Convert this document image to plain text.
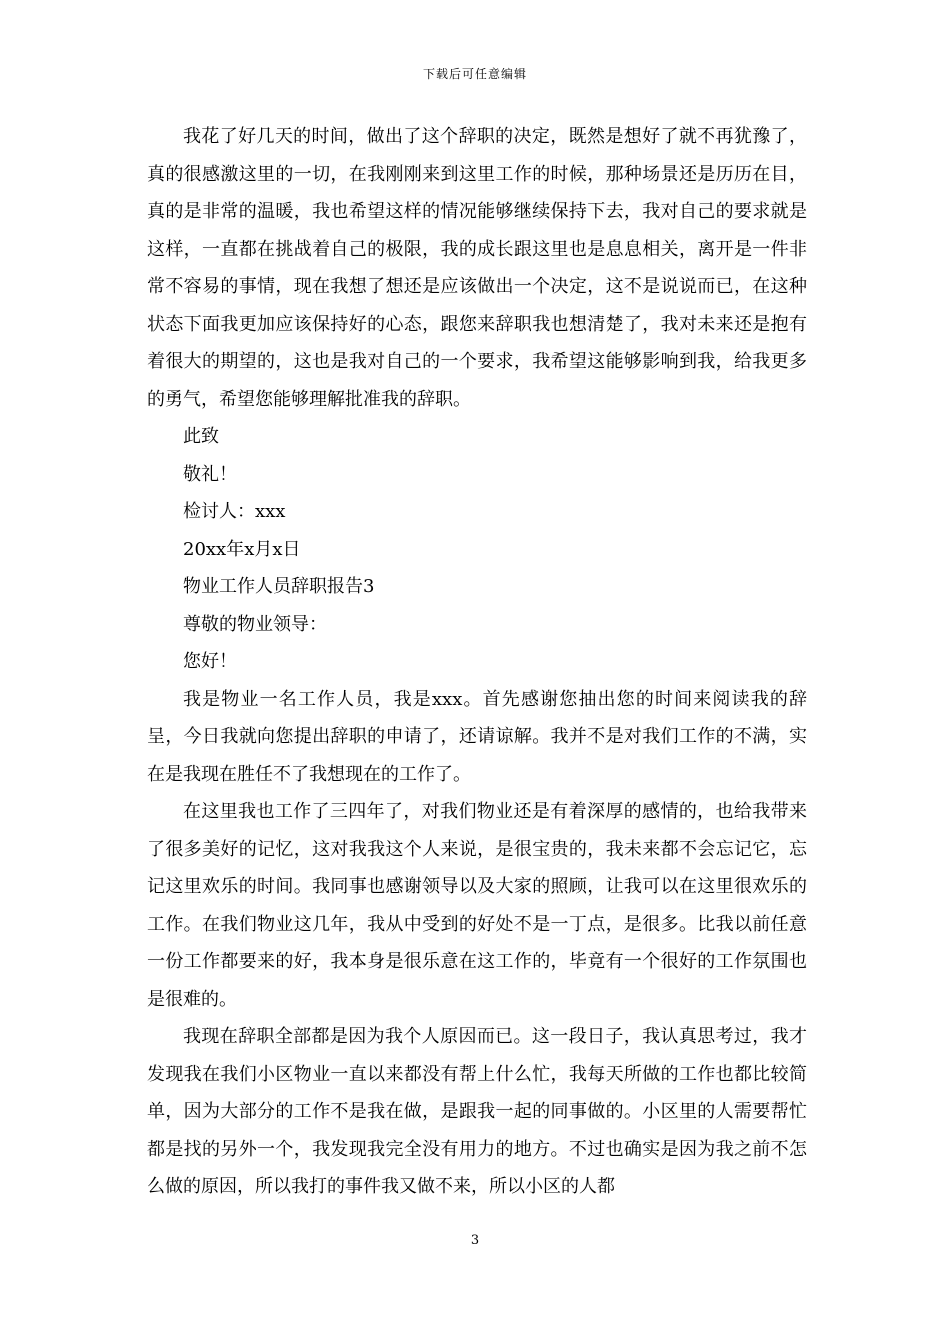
下载后可任意编辑

我花了好几天的时间，做出了这个辞职的决定，既然是想好了就不再犹豫了，真的很感激这里的一切，在我刚刚来到这里工作的时候，那种场景还是历历在目，真的是非常的温暖，我也希望这样的情况能够继续保持下去，我对自己的要求就是这样，一直都在挑战着自己的极限，我的成长跟这里也是息息相关，离开是一件非常不容易的事情，现在我想了想还是应该做出一个决定，这不是说说而已，在这种状态下面我更加应该保持好的心态，跟您来辞职我也想清楚了，我对未来还是抱有着很大的期望的，这也是我对自己的一个要求，我希望这能够影响到我，给我更多的勇气，希望您能够理解批准我的辞职。

此致

敬礼！

检讨人：xxx

20xx年x月x日

物业工作人员辞职报告3

尊敬的物业领导：

您好！

我是物业一名工作人员，我是xxx。首先感谢您抽出您的时间来阅读我的辞呈，今日我就向您提出辞职的申请了，还请谅解。我并不是对我们工作的不满，实在是我现在胜任不了我想现在的工作了。

在这里我也工作了三四年了，对我们物业还是有着深厚的感情的，也给我带来了很多美好的记忆，这对我我这个人来说，是很宝贵的，我未来都不会忘记它，忘记这里欢乐的时间。我同事也感谢领导以及大家的照顾，让我可以在这里很欢乐的工作。在我们物业这几年，我从中受到的好处不是一丁点，是很多。比我以前任意一份工作都要来的好，我本身是很乐意在这工作的，毕竟有一个很好的工作氛围也是很难的。

我现在辞职全部都是因为我个人原因而已。这一段日子，我认真思考过，我才发现我在我们小区物业一直以来都没有帮上什么忙，我每天所做的工作也都比较简单，因为大部分的工作不是我在做，是跟我一起的同事做的。小区里的人需要帮忙都是找的另外一个，我发现我完全没有用力的地方。不过也确实是因为我之前不怎么做的原因，所以我打的事件我又做不来，所以小区的人都

3
